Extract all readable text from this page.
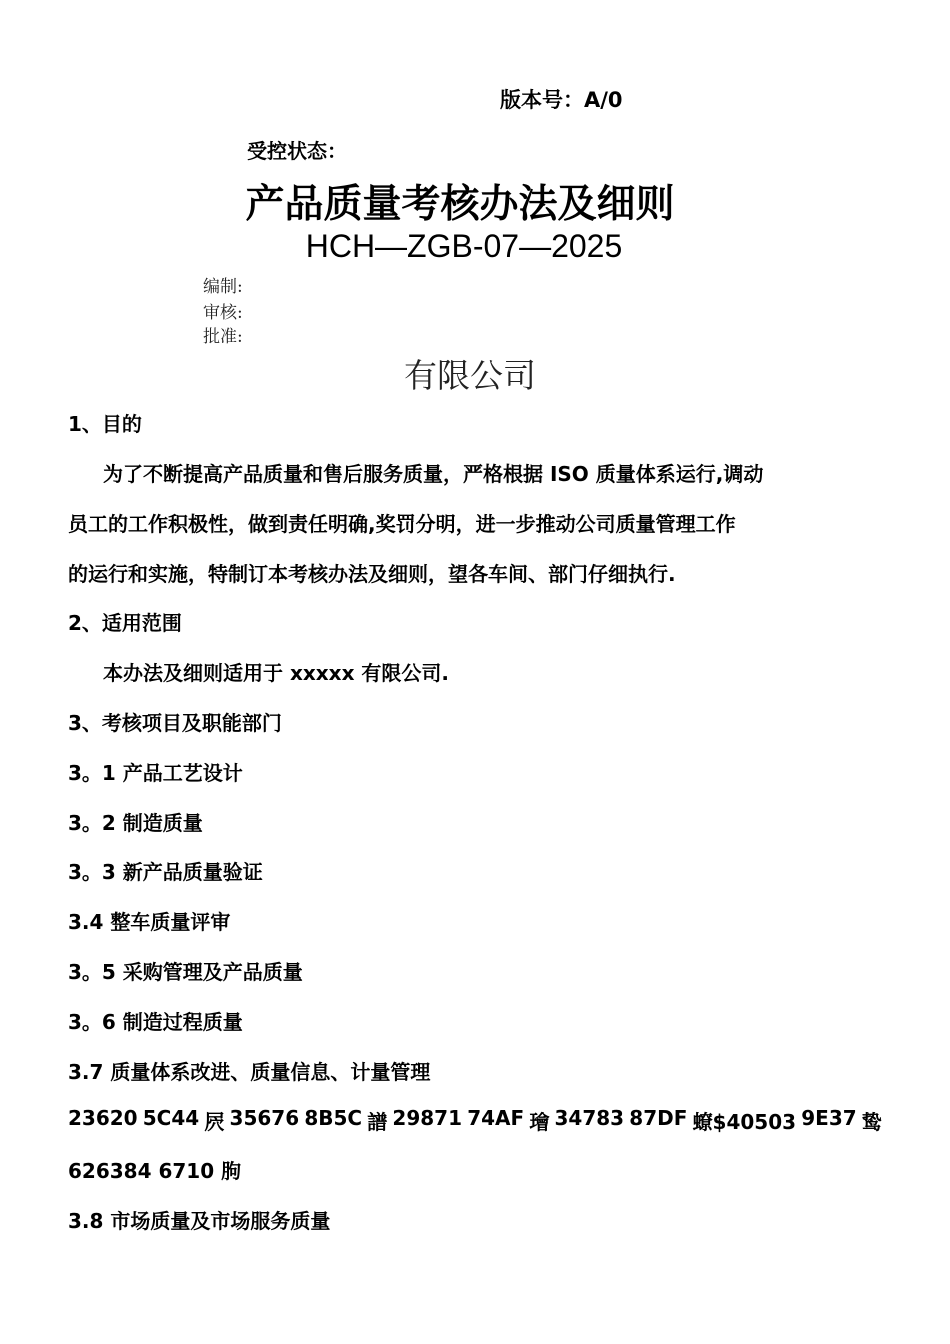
版本号：A/0
受控状态：
产品质量考核办法及细则
HCH—ZGB-07—2025
编制:
审核:
批准:
有限公司
1、目的
为了不断提高产品质量和售后服务质量，严格根据 ISO 质量体系运行,调动
员工的工作积极性，做到责任明确,奖罚分明，进一步推动公司质量管理工作
的运行和实施，特制订本考核办法及细则，望各车间、部门仔细执行.
2、适用范围
本办法及细则适用于 xxxxx 有限公司.
3、考核项目及职能部门
3。1 产品工艺设计
3。2 制造质量
3。3 新产品质量验证
3.4 整车质量评审
3。5 采购管理及产品质量
3。6 制造过程质量
3.7 质量体系改进、质量信息、计量管理
23620 5C44 屄 35676 8B5C 譜 29871 74AF 璯 34783 87DF 蟟$40503 9E37 鸷
626384 6710 朐
3.8 市场质量及市场服务质量
